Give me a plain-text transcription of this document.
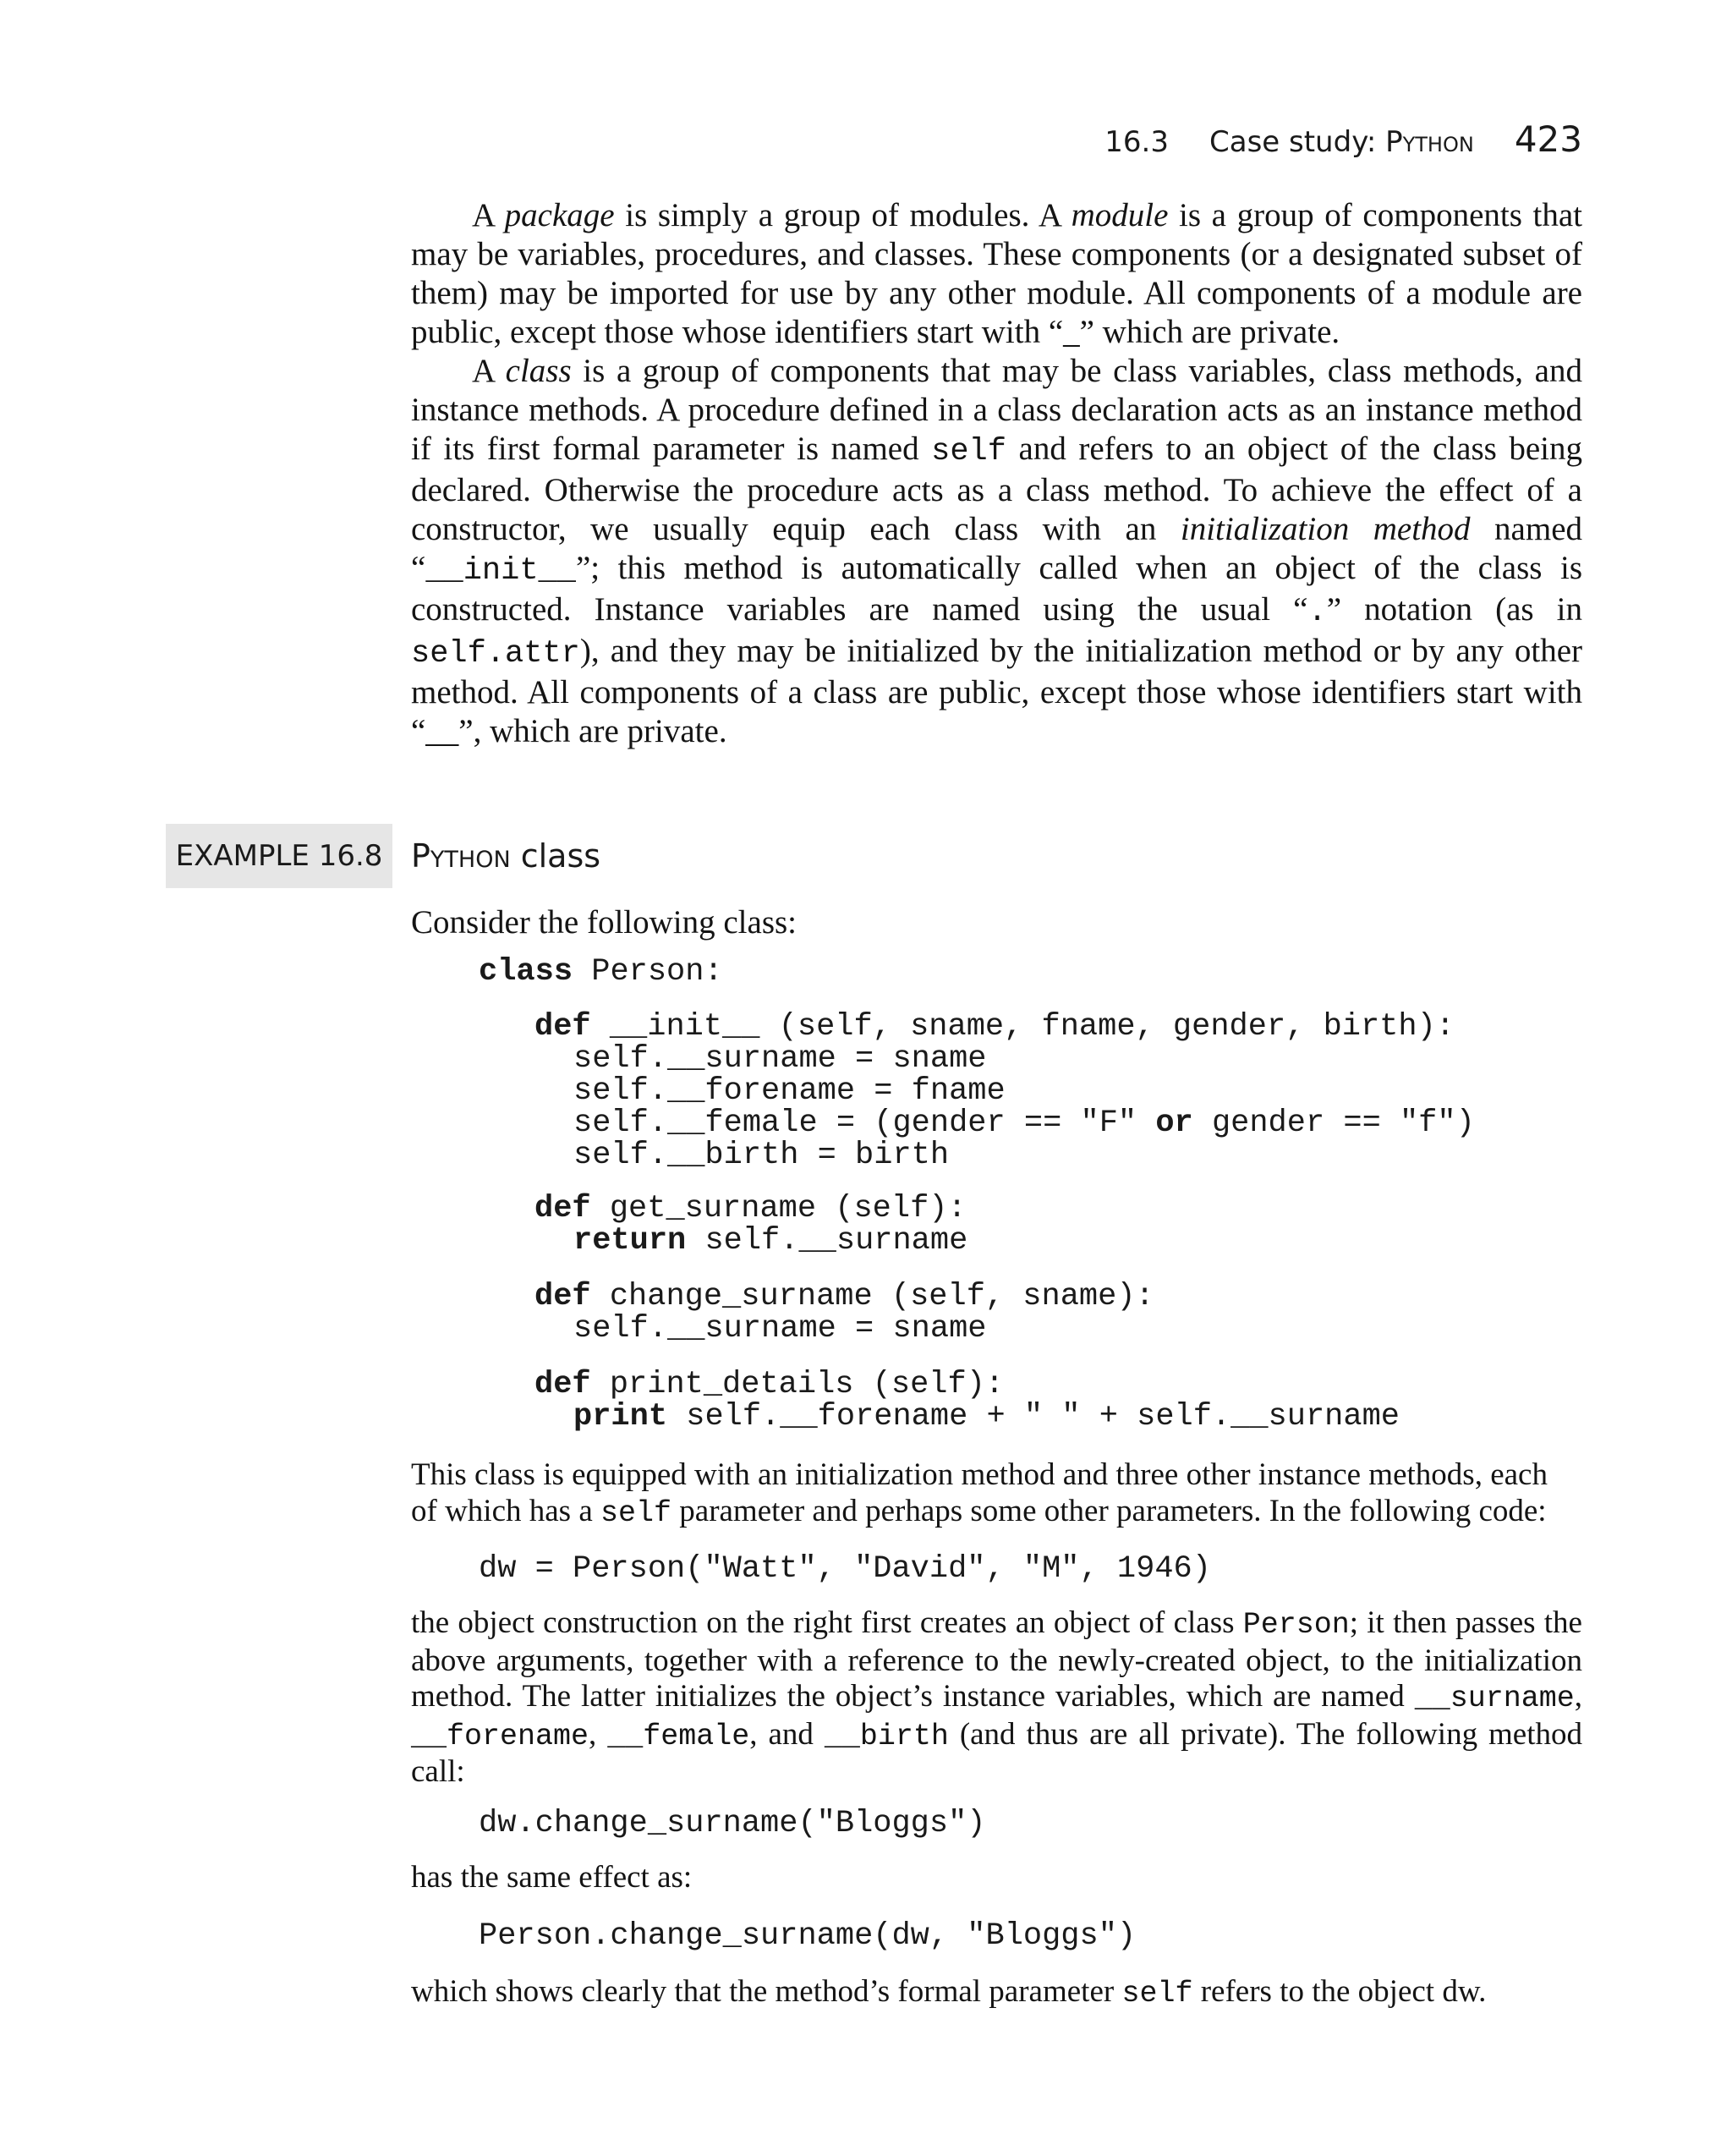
16.3 Case study: Python 423

A package is simply a group of modules. A module is a group of components that may be variables, procedures, and classes. These components (or a designated subset of them) may be imported for use by any other module. All components of a module are public, except those whose identifiers start with “_” which are private.

A class is a group of components that may be class variables, class methods, and instance methods. A procedure defined in a class declaration acts as an instance method if its first formal parameter is named self and refers to an object of the class being declared. Otherwise the procedure acts as a class method. To achieve the effect of a constructor, we usually equip each class with an initialization method named “__init__”; this method is automatically called when an object of the class is constructed. Instance variables are named using the usual “.” notation (as in self.attr), and they may be initialized by the initialization method or by any other method. All components of a class are public, except those whose identifiers start with “__”, which are private.

EXAMPLE 16.8 Python class
Consider the following class:
class Person:
def __init__ (self, sname, fname, gender, birth):
self.__surname = sname
self.__forename = fname
self.__female = (gender == "F" or gender == "f")
self.__birth = birth
def get_surname (self):
return self.__surname
def change_surname (self, sname):
self.__surname = sname
def print_details (self):
print self.__forename + " " + self.__surname
This class is equipped with an initialization method and three other instance methods, each
of which has a self parameter and perhaps some other parameters. In the following code:
dw = Person("Watt", "David", "M", 1946)
the object construction on the right first creates an object of class Person; it then passes the above arguments, together with a reference to the newly-created object, to the initialization method. The latter initializes the object’s instance variables, which are named __surname, __forename, __female, and __birth (and thus are all private). The following method call:
dw.change_surname("Bloggs")
has the same effect as:
Person.change_surname(dw, "Bloggs")
which shows clearly that the method’s formal parameter self refers to the object dw.
